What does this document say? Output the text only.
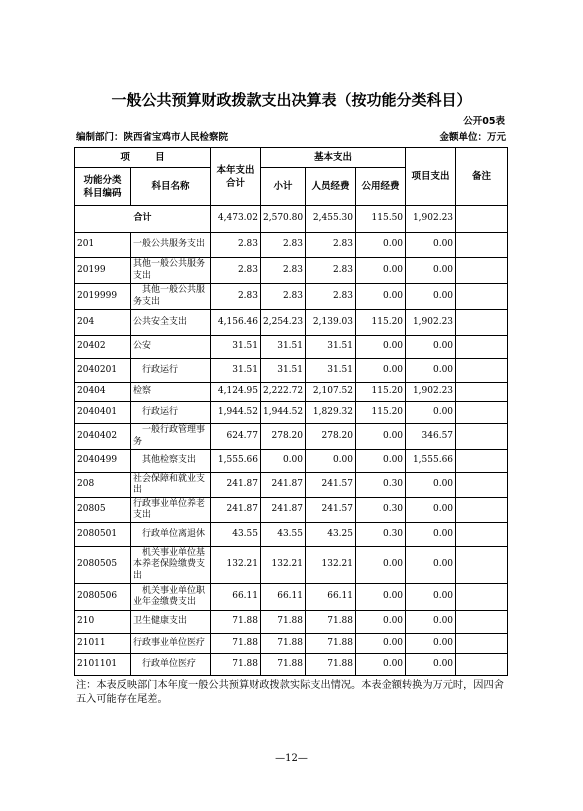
一般公共预算财政拨款支出决算表（按功能分类科目）
公开05表
编制部门：陕西省宝鸡市人民检察院	金额单位：万元
项 目		本年支出合计	基本支出			项目支出	备注
功能分类科目编码	科目名称		小计	人员经费	公用经费		
合计		4,473.02	2,570.80	2,455.30	115.50	1,902.23	
201	一般公共服务支出	2.83	2.83	2.83	0.00	0.00	
20199	其他一般公共服务支出	2.83	2.83	2.83	0.00	0.00	
2019999	其他一般公共服务支出	2.83	2.83	2.83	0.00	0.00	
204	公共安全支出	4,156.46	2,254.23	2,139.03	115.20	1,902.23	
20402	公安	31.51	31.51	31.51	0.00	0.00	
2040201	行政运行	31.51	31.51	31.51	0.00	0.00	
20404	检察	4,124.95	2,222.72	2,107.52	115.20	1,902.23	
2040401	行政运行	1,944.52	1,944.52	1,829.32	115.20	0.00	
2040402	一般行政管理事务	624.77	278.20	278.20	0.00	346.57	
2040499	其他检察支出	1,555.66	0.00	0.00	0.00	1,555.66	
208	社会保障和就业支出	241.87	241.87	241.57	0.30	0.00	
20805	行政事业单位养老支出	241.87	241.87	241.57	0.30	0.00	
2080501	行政单位离退休	43.55	43.55	43.25	0.30	0.00	
2080505	机关事业单位基本养老保险缴费支出	132.21	132.21	132.21	0.00	0.00	
2080506	机关事业单位职业年金缴费支出	66.11	66.11	66.11	0.00	0.00	
210	卫生健康支出	71.88	71.88	71.88	0.00	0.00	
21011	行政事业单位医疗	71.88	71.88	71.88	0.00	0.00	
2101101	行政单位医疗	71.88	71.88	71.88	0.00	0.00	
注：本表反映部门本年度一般公共预算财政拨款实际支出情况。本表金额转换为万元时，因四舍五入可能存在尾差。
—12—
